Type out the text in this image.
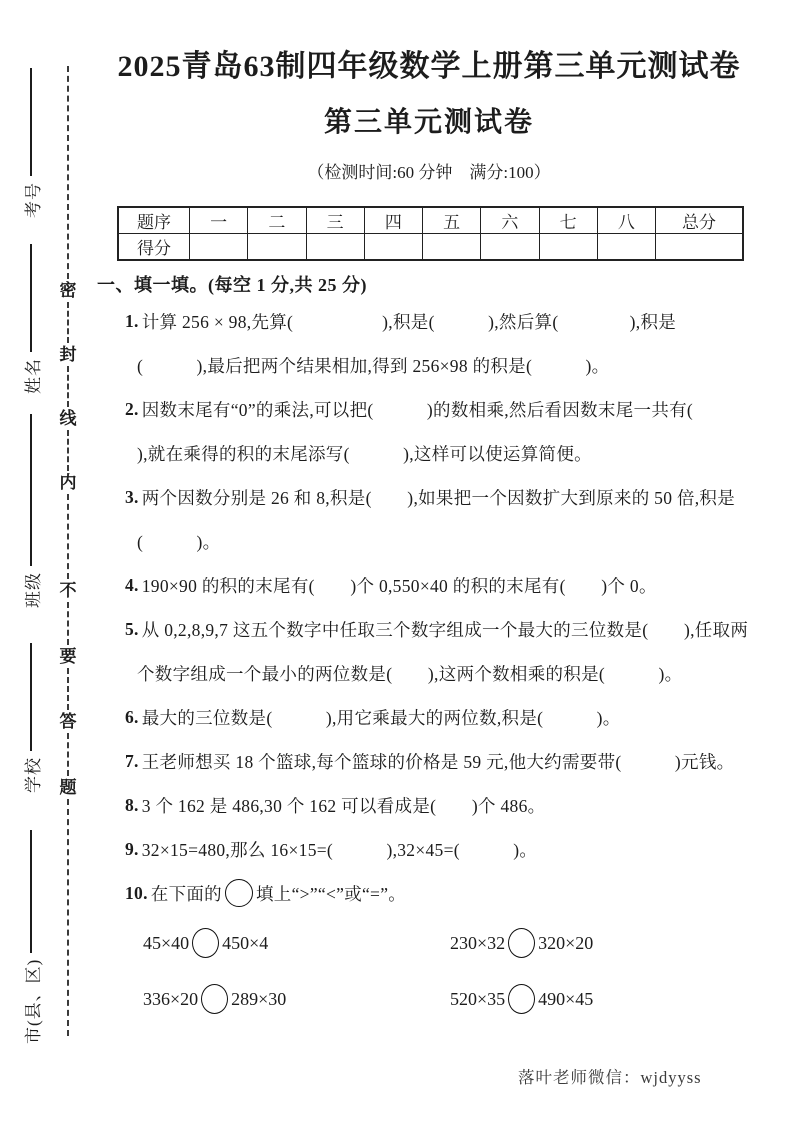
考号
姓名
班级
学校
市(县、区)
密
封
线
内
不
要
答
题
2025青岛63制四年级数学上册第三单元测试卷
第三单元测试卷
（检测时间:60 分钟　满分:100）
题序	一	二	三	四	五	六	七	八	总分
得分									
一、填一填。(每空 1 分,共 25 分)
1. 计算 256 × 98,先算(　　　　　),积是(　　　),然后算(　　　　),积是
(　　　),最后把两个结果相加,得到 256×98 的积是(　　　)。
2. 因数末尾有“0”的乘法,可以把(　　　)的数相乘,然后看因数末尾一共有(
),就在乘得的积的末尾添写(　　　),这样可以使运算简便。
3. 两个因数分别是 26 和 8,积是(　　),如果把一个因数扩大到原来的 50 倍,积是
(　　　)。
4. 190×90 的积的末尾有(　　)个 0,550×40 的积的末尾有(　　)个 0。
5. 从 0,2,8,9,7 这五个数字中任取三个数字组成一个最大的三位数是(　　),任取两
个数字组成一个最小的两位数是(　　),这两个数相乘的积是(　　　)。
6. 最大的三位数是(　　　),用它乘最大的两位数,积是(　　　)。
7. 王老师想买 18 个篮球,每个篮球的价格是 59 元,他大约需要带(　　　)元钱。
8. 3 个 162 是 486,30 个 162 可以看成是(　　)个 486。
9. 32×15=480,那么 16×15=(　　　),32×45=(　　　)。
10. 在下面的 填上“>”“<”或“=”。
45×40 450×4	230×32 320×20
336×20 289×30	520×35 490×45
落叶老师微信：wjdyyss
